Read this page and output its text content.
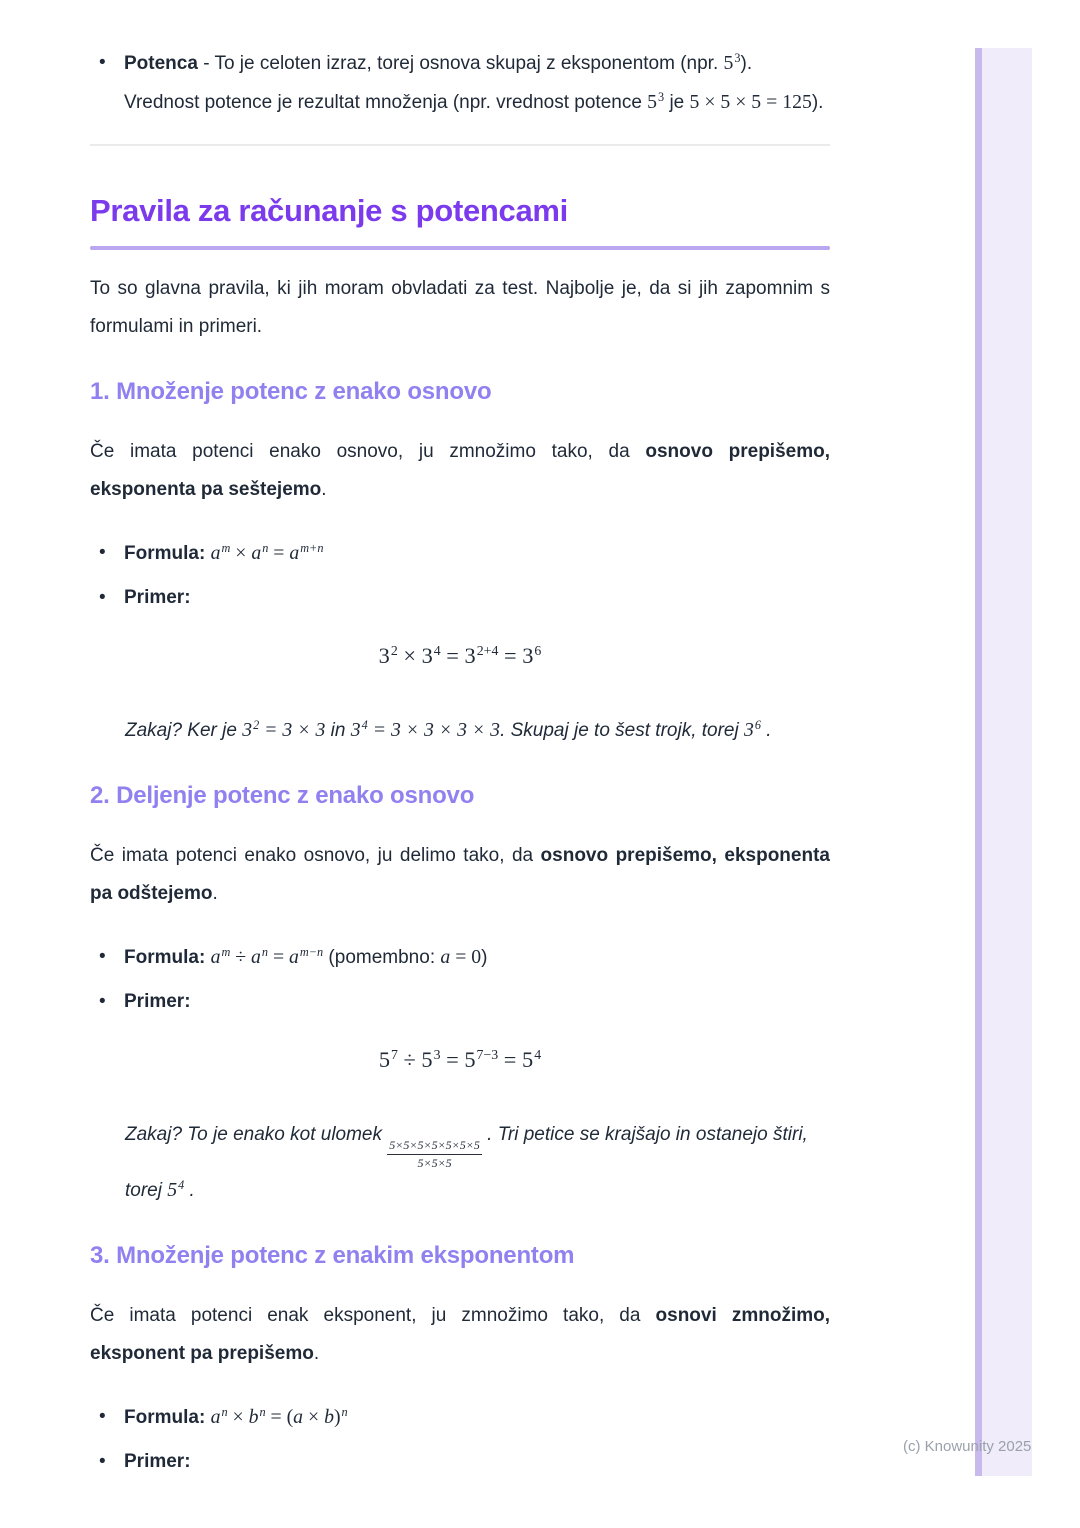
(c) Knowunity 2025
•
Potenca - To je celoten izraz, torej osnova skupaj z eksponentom (npr. $5^3$). Vrednost potence je rezultat množenja (npr. vrednost potence $5^3$ je 5 × 5 × 5 = 125).
Pravila za računanje s potencami

To so glavna pravila, ki jih moram obvladati za test. Najbolje je, da si jih zapomnim s formulami in primeri.

1. Množenje potenc z enako osnovo

Če imata potenci enako osnovo, ju zmnožimo tako, da osnovo prepišemo, eksponenta pa seštejemo.

•
Formula: $a^m \times a^n = a^{m+n}$
•
Primer:
$3^2 \times 3^4 = 3^{2+4} = 3^6$

Zakaj? Ker je $3^2 = 3 \times 3$ in $3^4 = 3 \times 3 \times 3 \times 3$. Skupaj je to šest trojk, torej $3^6$ .

2. Deljenje potenc z enako osnovo

Če imata potenci enako osnovo, ju delimo tako, da osnovo prepišemo, eksponenta pa odštejemo.

•
Formula: $a^m \div a^n = a^{m-n}$ (pomembno: a = 0)
•
Primer:
$5^7 \div 5^3 = 5^{7-3} = 5^4$

Zakaj? To je enako kot ulomek
$\frac{5\times 5\times 5\times 5\times 5\times 5\times 5}{5\times 5\times 5}$
. Tri petice se krajšajo in ostanejo štiri, torej $5^4$ .

3. Množenje potenc z enakim eksponentom

Če imata potenci enak eksponent, ju zmnožimo tako, da osnovi zmnožimo, eksponent pa prepišemo.

•
Formula: $a^n \times b^n = (a \times b)^n$
•
Primer:
